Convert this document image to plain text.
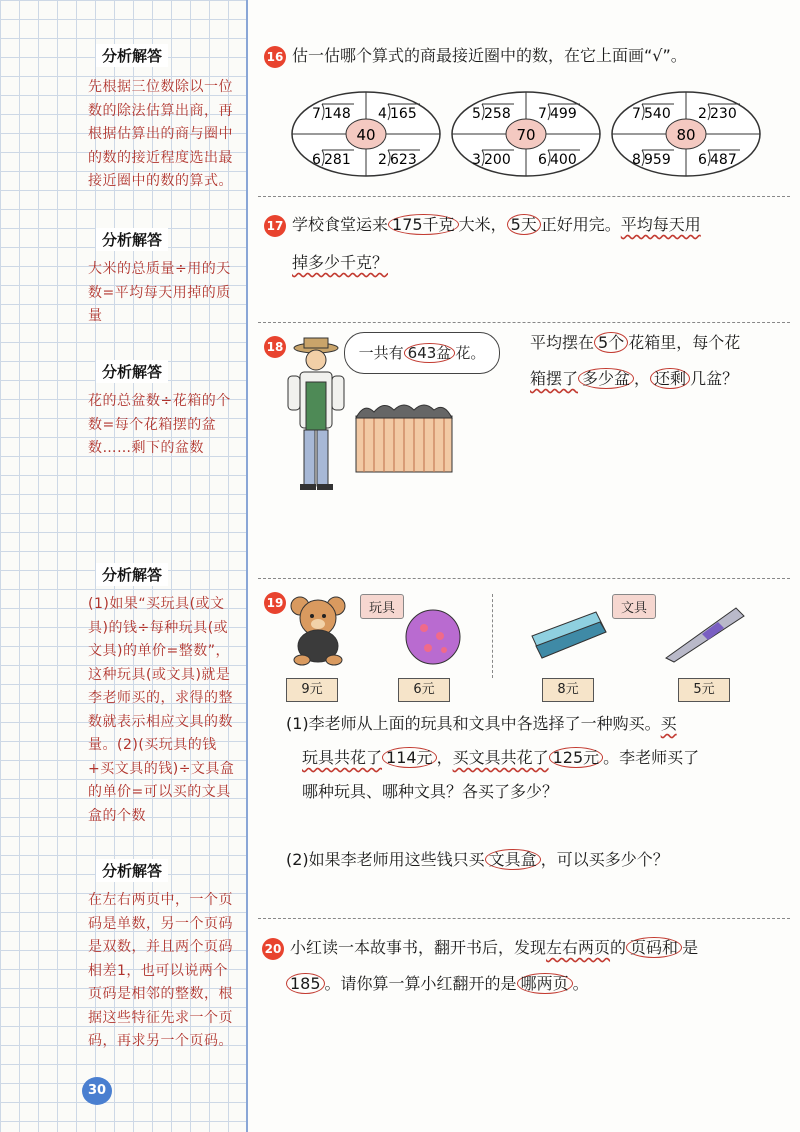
分析解答
先根据三位数除以一位数的除法估算出商，再根据估算出的商与圈中的数的接近程度选出最接近圈中的数的算式。
分析解答
大米的总质量÷用的天数=平均每天用掉的质量
分析解答
花的总盆数÷花箱的个数=每个花箱摆的盆数……剩下的盆数
分析解答
(1)如果“买玩具(或文具)的钱÷每种玩具(或文具)的单价=整数”，这种玩具(或文具)就是李老师买的，求得的整数就表示相应文具的数量。(2)(买玩具的钱+买文具的钱)÷文具盒的单价=可以买的文具盒的个数
分析解答
在左右两页中，一个页码是单数，另一个页码是双数，并且两个页码相差1，也可以说两个页码是相邻的整数，根据这些特征先求一个页码，再求另一个页码。
30
16 估一估哪个算式的商最接近圈中的数，在它上面画“√”。
40
7 148 4 165
6 281 2 623
70
5 258 7 499
3 200 6 400
80
7 540 2 230
8 959 6 487
17 学校食堂运来 175千克 大米， 5天 正好用完。平均每天用
掉多少千克？
18	一共有 643盆 花。
平均摆在 5个 花箱里，每个花
箱摆了 多少盆 ， 还剩 几盆？
19	玩具	文具
9元	6元	8元	5元
(1)李老师从上面的玩具和文具中各选择了一种购买。买
玩具共花了 114元 ，买文具共花了 125元 。李老师买了
哪种玩具、哪种文具？各买了多少？
(2)如果李老师用这些钱只买 文具盒 ，可以买多少个？
20 小红读一本故事书，翻开书后，发现左右两页的 页码和 是
185 。请你算一算小红翻开的是 哪两页 。
